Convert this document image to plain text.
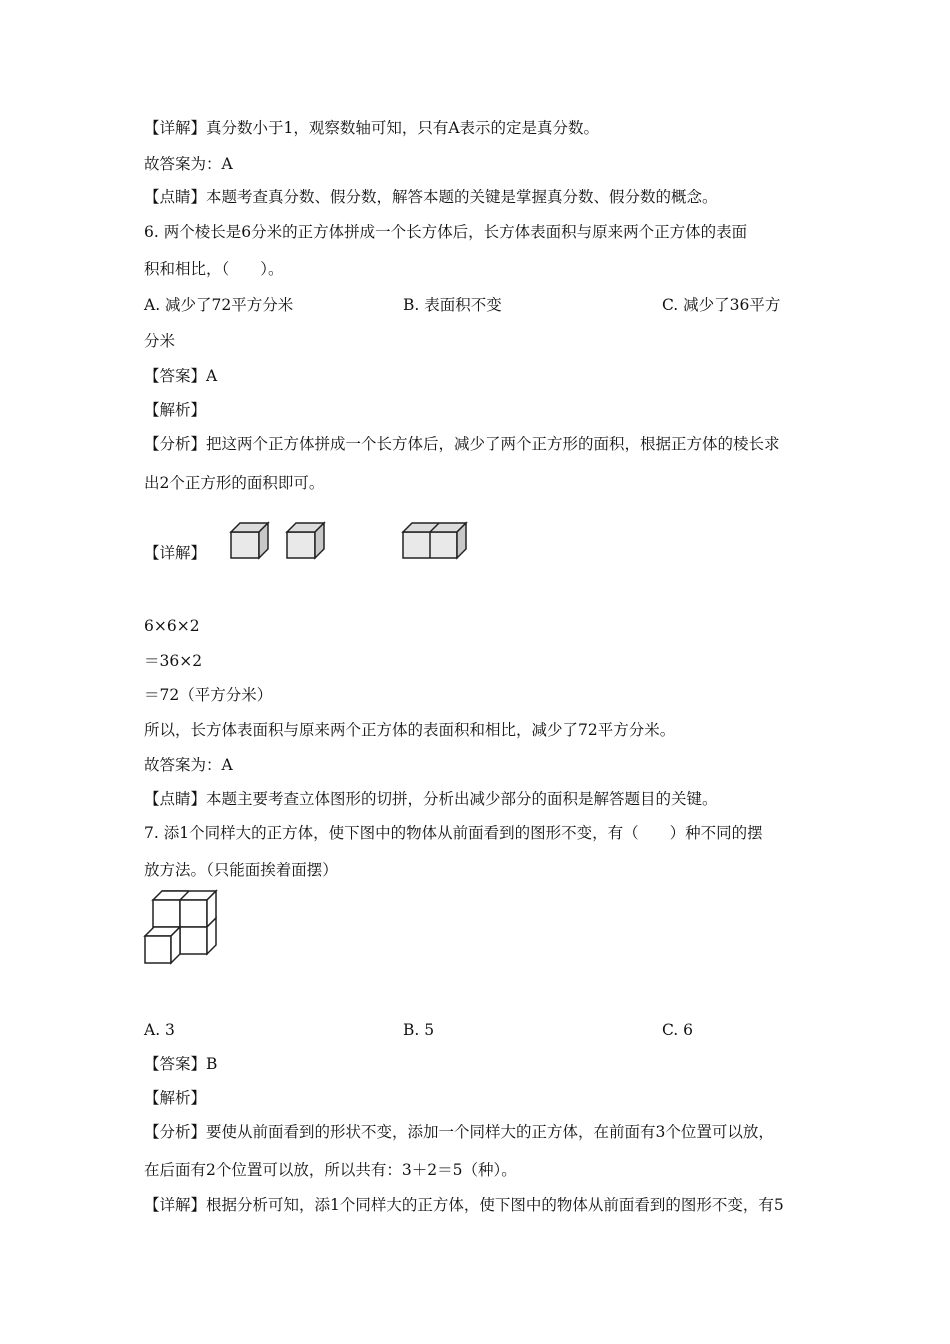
【详解】真分数小于1，观察数轴可知，只有A表示的定是真分数。
故答案为：A
【点睛】本题考查真分数、假分数，解答本题的关键是掌握真分数、假分数的概念。
6. 两个棱长是6分米的正方体拼成一个长方体后，长方体表面积与原来两个正方体的表面
积和相比，（　　）。
A. 减少了72平方分米	B. 表面积不变	C. 减少了36平方
分米
【答案】A
【解析】
【分析】把这两个正方体拼成一个长方体后，减少了两个正方形的面积，根据正方体的棱长求
出2个正方形的面积即可。
【详解】
6×6×2
＝36×2
＝72（平方分米）
所以，长方体表面积与原来两个正方体的表面积和相比，减少了72平方分米。
故答案为：A
【点睛】本题主要考查立体图形的切拼，分析出减少部分的面积是解答题目的关键。
7. 添1个同样大的正方体，使下图中的物体从前面看到的图形不变，有（　　）种不同的摆
放方法。（只能面挨着面摆）
A. 3	B. 5	C. 6
【答案】B
【解析】
【分析】要使从前面看到的形状不变，添加一个同样大的正方体，在前面有3个位置可以放，
在后面有2个位置可以放，所以共有：3＋2＝5（种）。
【详解】根据分析可知，添1个同样大的正方体，使下图中的物体从前面看到的图形不变，有5
